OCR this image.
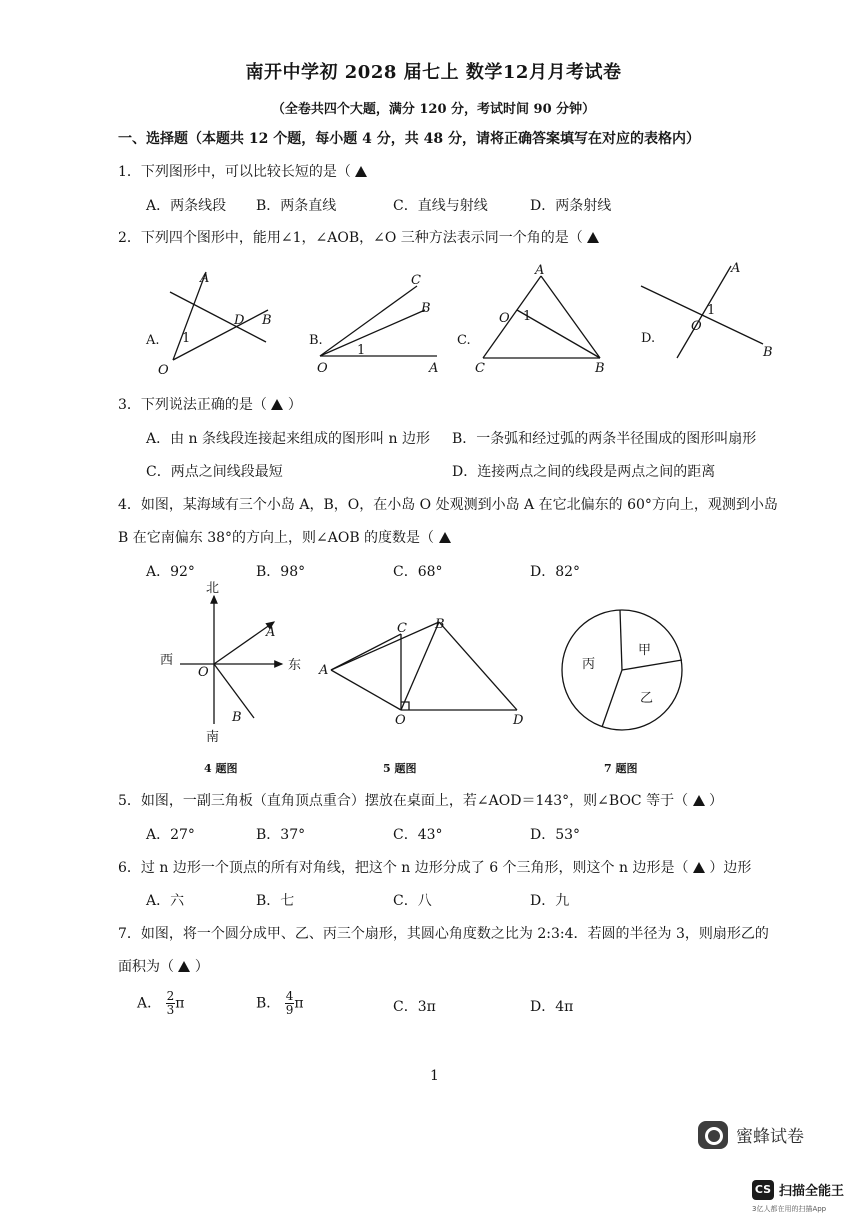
南开中学初 2028 届七上 数学12月月考试卷
（全卷共四个大题，满分 120 分，考试时间 90 分钟）
一、选择题（本题共 12 个题，每小题 4 分，共 48 分，请将正确答案填写在对应的表格内）
1．下列图形中，可以比较长短的是（
A．两条线段 B．两条直线	C．直线与射线	D．两条射线
2．下列四个图形中，能用∠1，∠AOB，∠O 三种方法表示同一个角的是（
A
D B
O
1
A.
C
B
O	A
1
B.
A
O 1
C	B
C.
A
1
O
B
D.
3．下列说法正确的是（ ）
A．由 n 条线段连接起来组成的图形叫 n 边形 B．一条弧和经过弧的两条半径围成的图形叫扇形
C．两点之间线段最短	D．连接两点之间的线段是两点之间的距离
4．如图，某海域有三个小岛 A，B，O，在小岛 O 处观测到小岛 A 在它北偏东的 60°方向上，观测到小岛
B 在它南偏东 38°的方向上，则∠AOB 的度数是（
A．92°	B．98°	C．68°	D．82°
北
南
西	东
A
B
O
4 题图
C B
A
O	D
5 题图
甲
乙
丙
7 题图
5．如图，一副三角板（直角顶点重合）摆放在桌面上，若∠AOD＝143°，则∠BOC 等于（ ）
A．27°	B．37°	C．43°	D．53°
6．过 n 边形一个顶点的所有对角线，把这个 n 边形分成了 6 个三角形，则这个 n 边形是（ ）边形
A．六	B．七	C．八	D．九
7．如图，将一个圆分成甲、乙、丙三个扇形，其圆心角度数之比为 2:3:4．若圆的半径为 3，则扇形乙的
面积为（ ）
A． $\frac{2}{3}$ π	B． $\frac{4}{9}$ π	C．3π	D．4π
1
蜜蜂试卷
CS 扫描全能王
3亿人都在用的扫描App
